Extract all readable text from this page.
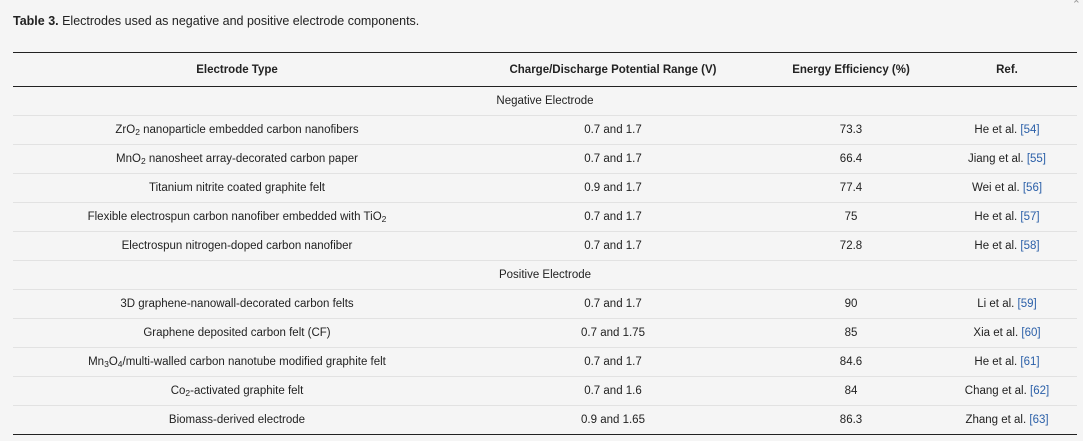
Table 3. Electrodes used as negative and positive electrode components.
⌃
Electrode Type	Charge/Discharge Potential Range (V)	Energy Efficiency (%)	Ref.
Negative Electrode			
ZrO$_2$ nanoparticle embedded carbon nanofibers	0.7 and 1.7	73.3	He et al. [54]
MnO$_2$ nanosheet array-decorated carbon paper	0.7 and 1.7	66.4	Jiang et al. [55]
Titanium nitrite coated graphite felt	0.9 and 1.7	77.4	Wei et al. [56]
Flexible electrospun carbon nanofiber embedded with TiO$_2$	0.7 and 1.7	75	He et al. [57]
Electrospun nitrogen-doped carbon nanofiber	0.7 and 1.7	72.8	He et al. [58]
Positive Electrode			
3D graphene-nanowall-decorated carbon felts	0.7 and 1.7	90	Li et al. [59]
Graphene deposited carbon felt (CF)	0.7 and 1.75	85	Xia et al. [60]
$Mn_3O_4/multi$-walled carbon nanotube modified graphite felt	0.7 and 1.7	84.6	He et al. [61]
$Co_2$-activated graphite felt	0.7 and 1.6	84	Chang et al. [62]
Biomass-derived electrode	0.9 and 1.65	86.3	Zhang et al. [63]
